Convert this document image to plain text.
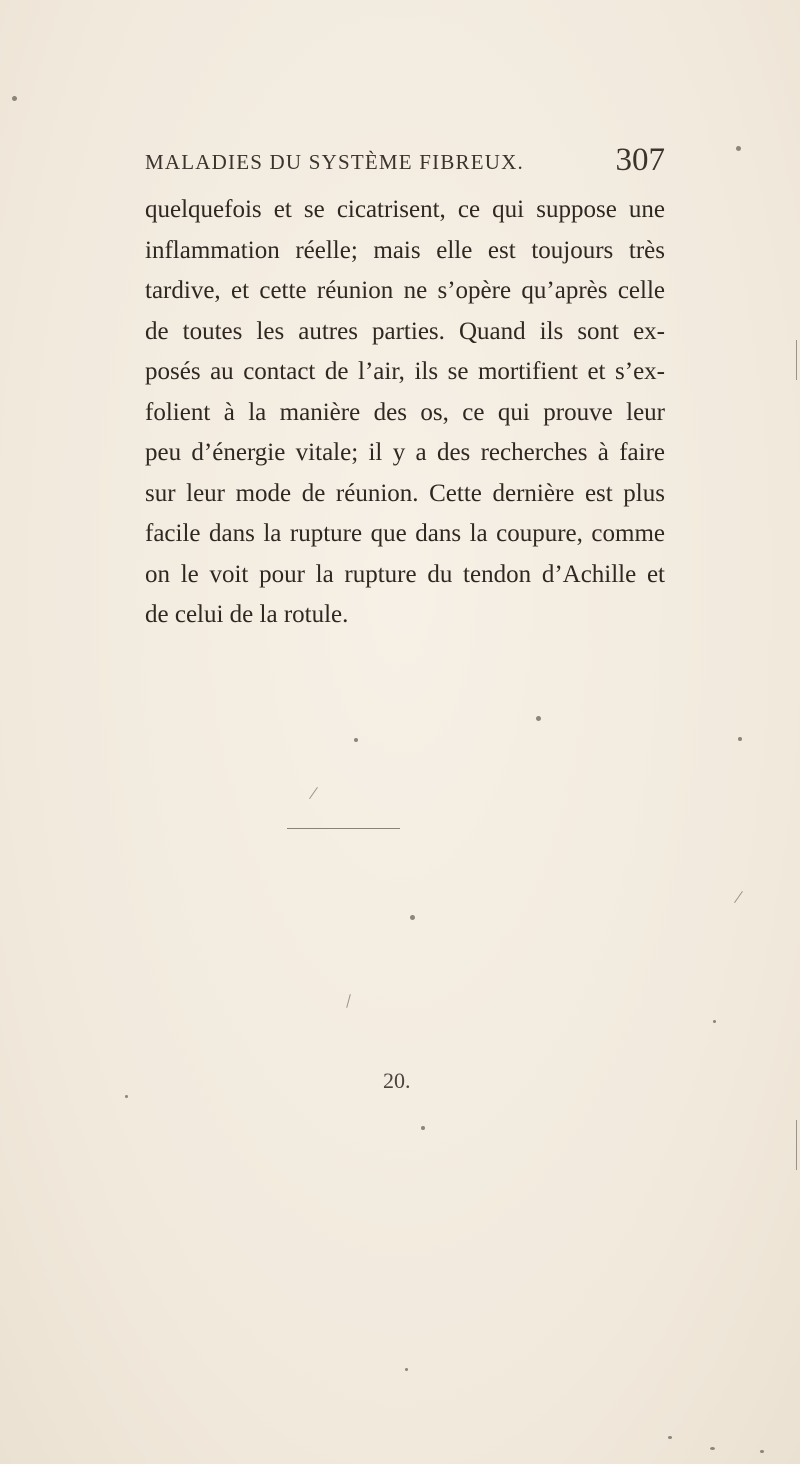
MALADIES DU SYSTÈME FIBREUX.	307
quelquefois et se cicatrisent, ce qui suppose une
inflammation réelle; mais elle est toujours très
tardive, et cette réunion ne s’opère qu’après celle
de toutes les autres parties. Quand ils sont ex-
posés au contact de l’air, ils se mortifient et s’ex-
folient à la manière des os, ce qui prouve leur
peu d’énergie vitale; il y a des recherches à faire
sur leur mode de réunion. Cette dernière est plus
facile dans la rupture que dans la coupure, comme
on le voit pour la rupture du tendon d’Achille et
de celui de la rotule.
20.
